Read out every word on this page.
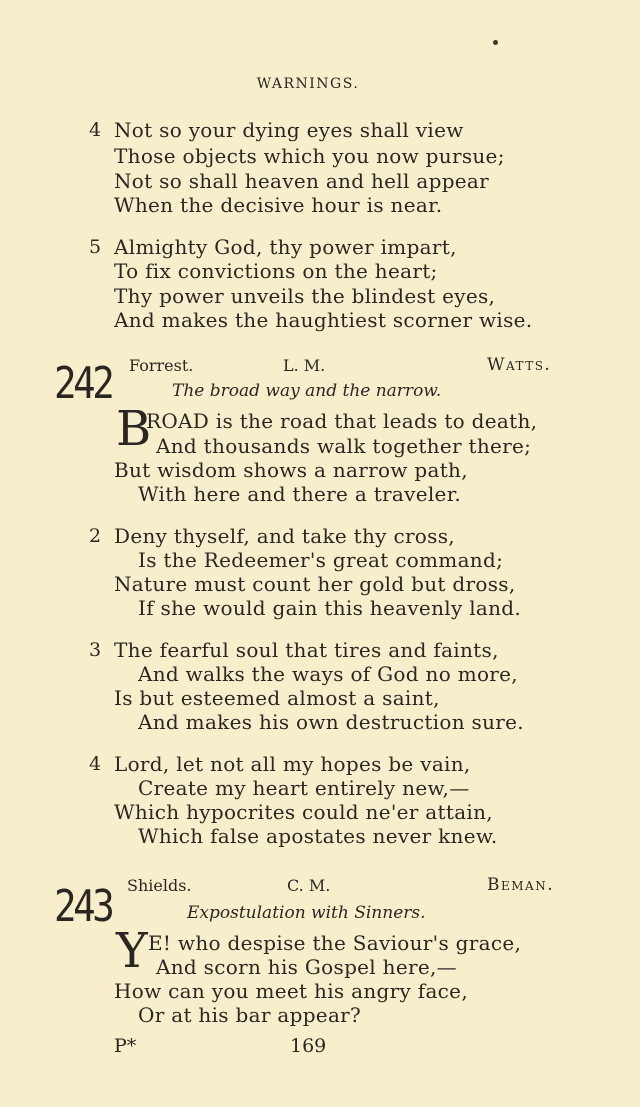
WARNINGS.
4 Not so your dying eyes shall view
Those objects which you now pursue;
Not so shall heaven and hell appear
When the decisive hour is near.
5 Almighty God, thy power impart,
To fix convictions on the heart;
Thy power unveils the blindest eyes,
And makes the haughtiest scorner wise.
242 Forrest.	L. M.	Watts.
The broad way and the narrow.
B
ROAD is the road that leads to death,
And thousands walk together there;
But wisdom shows a narrow path,
With here and there a traveler.
2 Deny thyself, and take thy cross,
Is the Redeemer's great command;
Nature must count her gold but dross,
If she would gain this heavenly land.
3 The fearful soul that tires and faints,
And walks the ways of God no more,
Is but esteemed almost a saint,
And makes his own destruction sure.
4 Lord, let not all my hopes be vain,
Create my heart entirely new,—
Which hypocrites could ne'er attain,
Which false apostates never knew.
243 Shields.	C. M.	Beman.
Expostulation with Sinners.
Y E! who despise the Saviour's grace,
And scorn his Gospel here,—
How can you meet his angry face,
Or at his bar appear?
P*	169
